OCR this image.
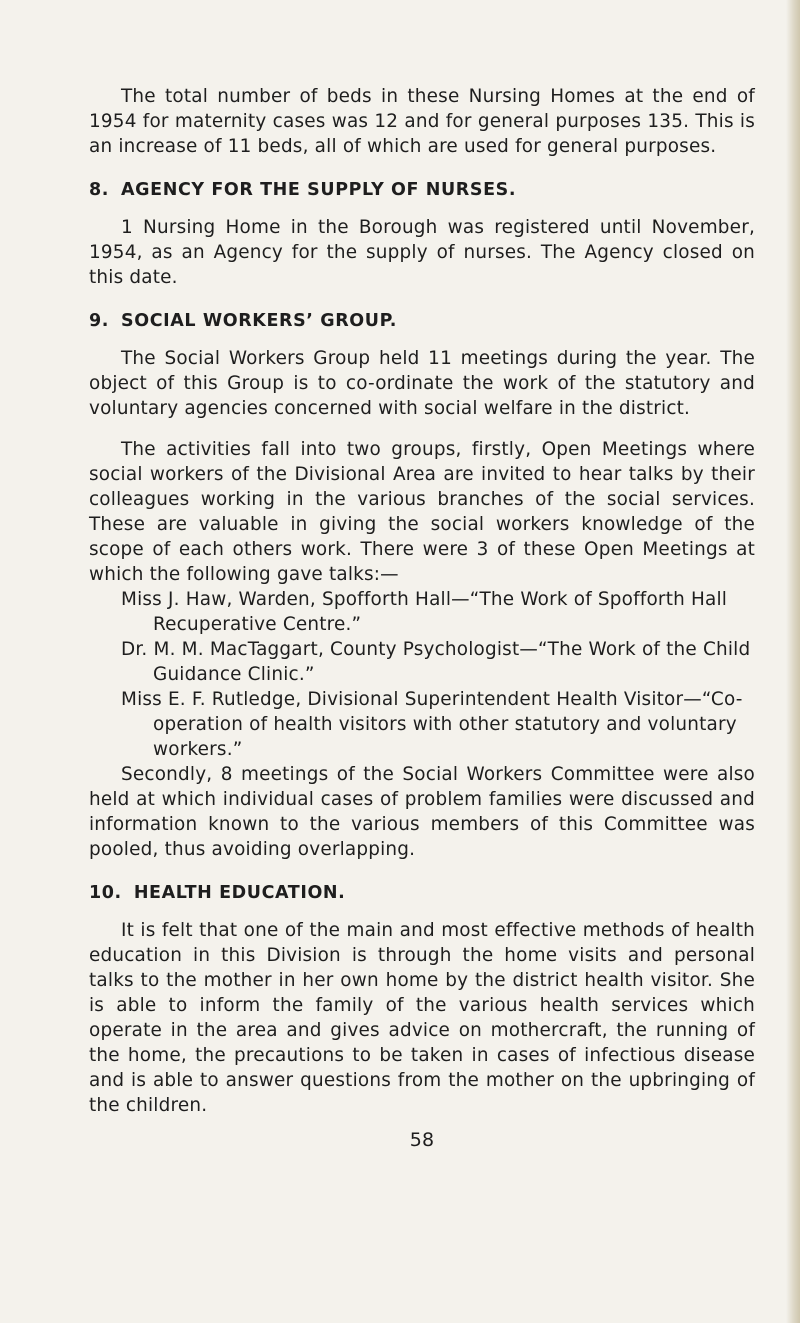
The total number of beds in these Nursing Homes at the end of 1954 for maternity cases was 12 and for general purposes 135. This is an increase of 11 beds, all of which are used for general purposes.

8. AGENCY FOR THE SUPPLY OF NURSES.

1 Nursing Home in the Borough was registered until November, 1954, as an Agency for the supply of nurses. The Agency closed on this date.

9. SOCIAL WORKERS’ GROUP.

The Social Workers Group held 11 meetings during the year. The object of this Group is to co-ordinate the work of the statutory and voluntary agencies concerned with social welfare in the district.

The activities fall into two groups, firstly, Open Meetings where social workers of the Divisional Area are invited to hear talks by their colleagues working in the various branches of the social services. These are valuable in giving the social workers knowledge of the scope of each others work. There were 3 of these Open Meetings at which the following gave talks:—

Miss J. Haw, Warden, Spofforth Hall—“The Work of Spofforth Hall Recuperative Centre.”

Dr. M. M. MacTaggart, County Psychologist—“The Work of the Child Guidance Clinic.”

Miss E. F. Rutledge, Divisional Superintendent Health Visitor—“Co-operation of health visitors with other statutory and voluntary workers.”

Secondly, 8 meetings of the Social Workers Committee were also held at which individual cases of problem families were discussed and information known to the various members of this Committee was pooled, thus avoiding overlapping.

10. HEALTH EDUCATION.

It is felt that one of the main and most effective methods of health education in this Division is through the home visits and personal talks to the mother in her own home by the district health visitor. She is able to inform the family of the various health services which operate in the area and gives advice on mothercraft, the running of the home, the precautions to be taken in cases of infectious disease and is able to answer questions from the mother on the upbringing of the children.

58
